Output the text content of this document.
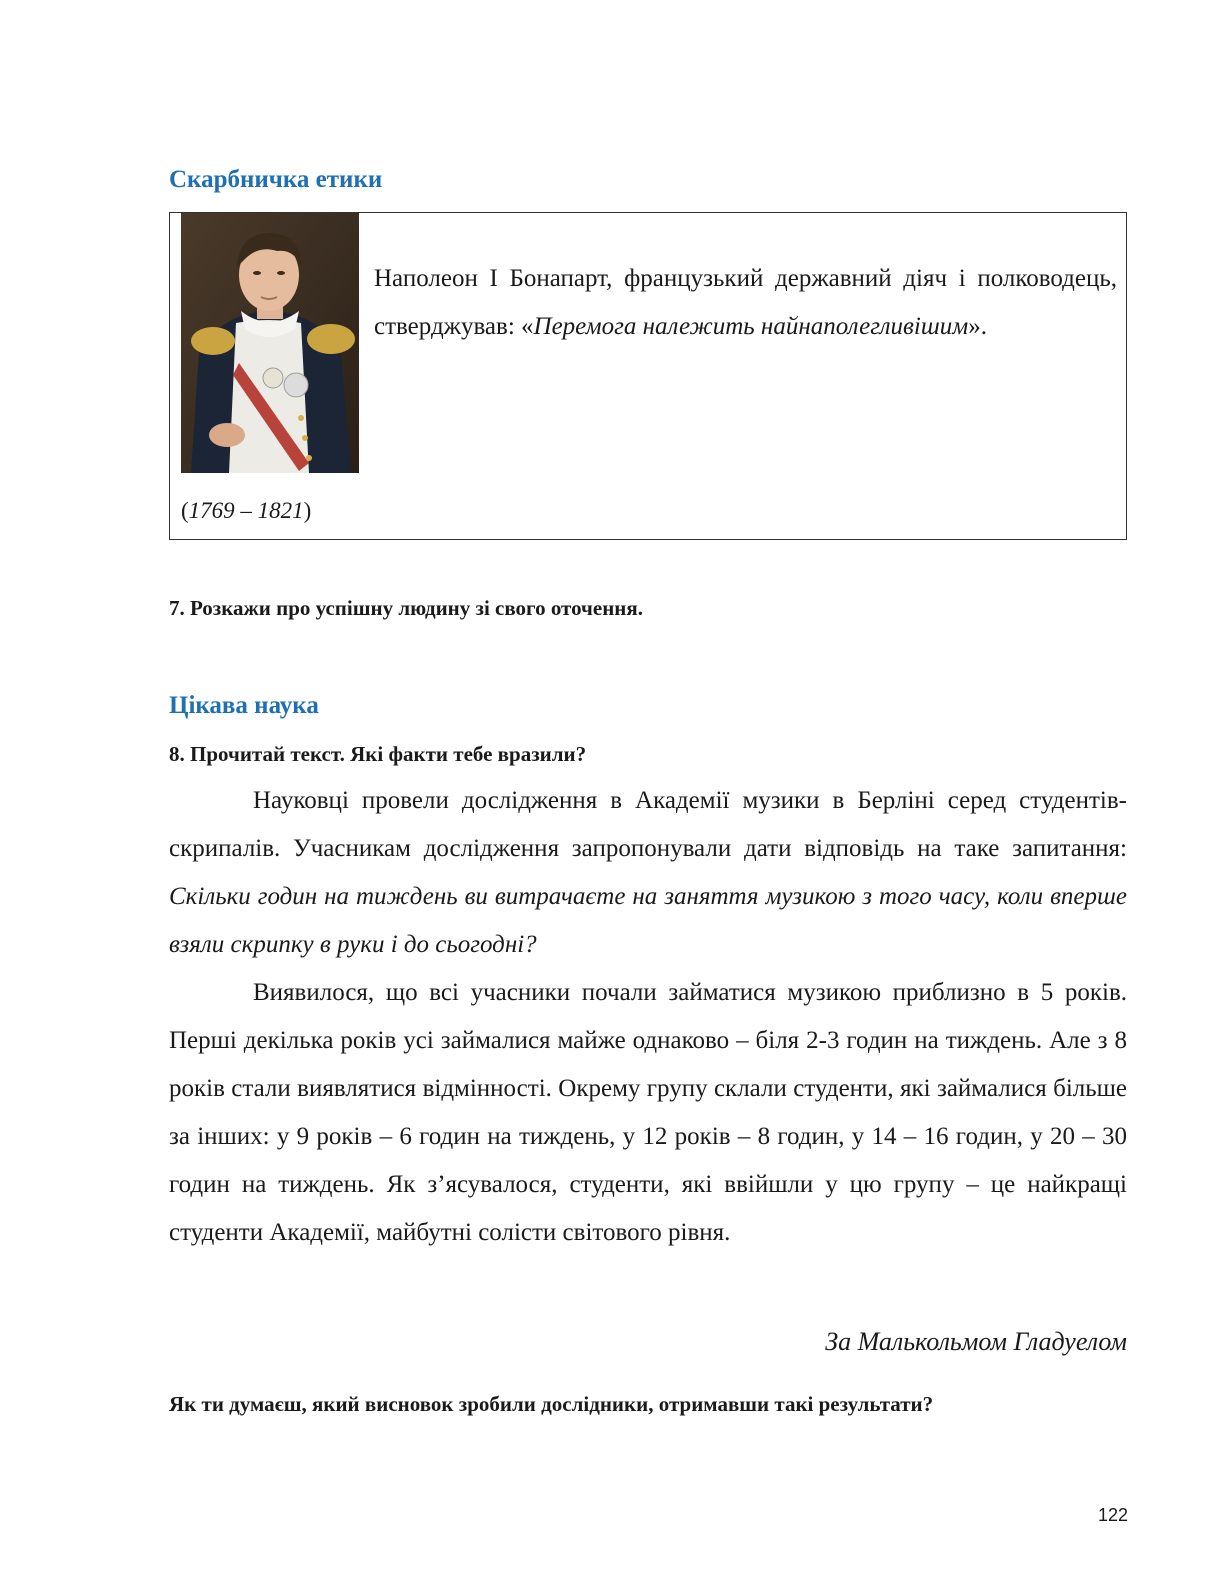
Скарбничка етики

Наполеон І Бонапарт, французький державний діяч і полководець, стверджував: «Перемога належить найнаполегливішим».

(1769 – 1821)

7. Розкажи про успішну людину зі свого оточення.

Цікава наука

8. Прочитай текст. Які факти тебе вразили?

Науковці провели дослідження в Академії музики в Берліні серед студентів-скрипалів. Учасникам дослідження запропонували дати відповідь на таке запитання: Скільки годин на тиждень ви витрачаєте на заняття музикою з того часу, коли вперше взяли скрипку в руки і до сьогодні?

Виявилося, що всі учасники почали займатися музикою приблизно в 5 років. Перші декілька років усі займалися майже однаково – біля 2-3 годин на тиждень. Але з 8 років стали виявлятися відмінності. Окрему групу склали студенти, які займалися більше за інших: у 9 років – 6 годин на тиждень, у 12 років – 8 годин, у 14 – 16 годин, у 20 – 30 годин на тиждень. Як з’ясувалося, студенти, які ввійшли у цю групу – це найкращі студенти Академії, майбутні солісти світового рівня.

За Малькольмом Гладуелом

Як ти думаєш, який висновок зробили дослідники, отримавши такі результати?

122
